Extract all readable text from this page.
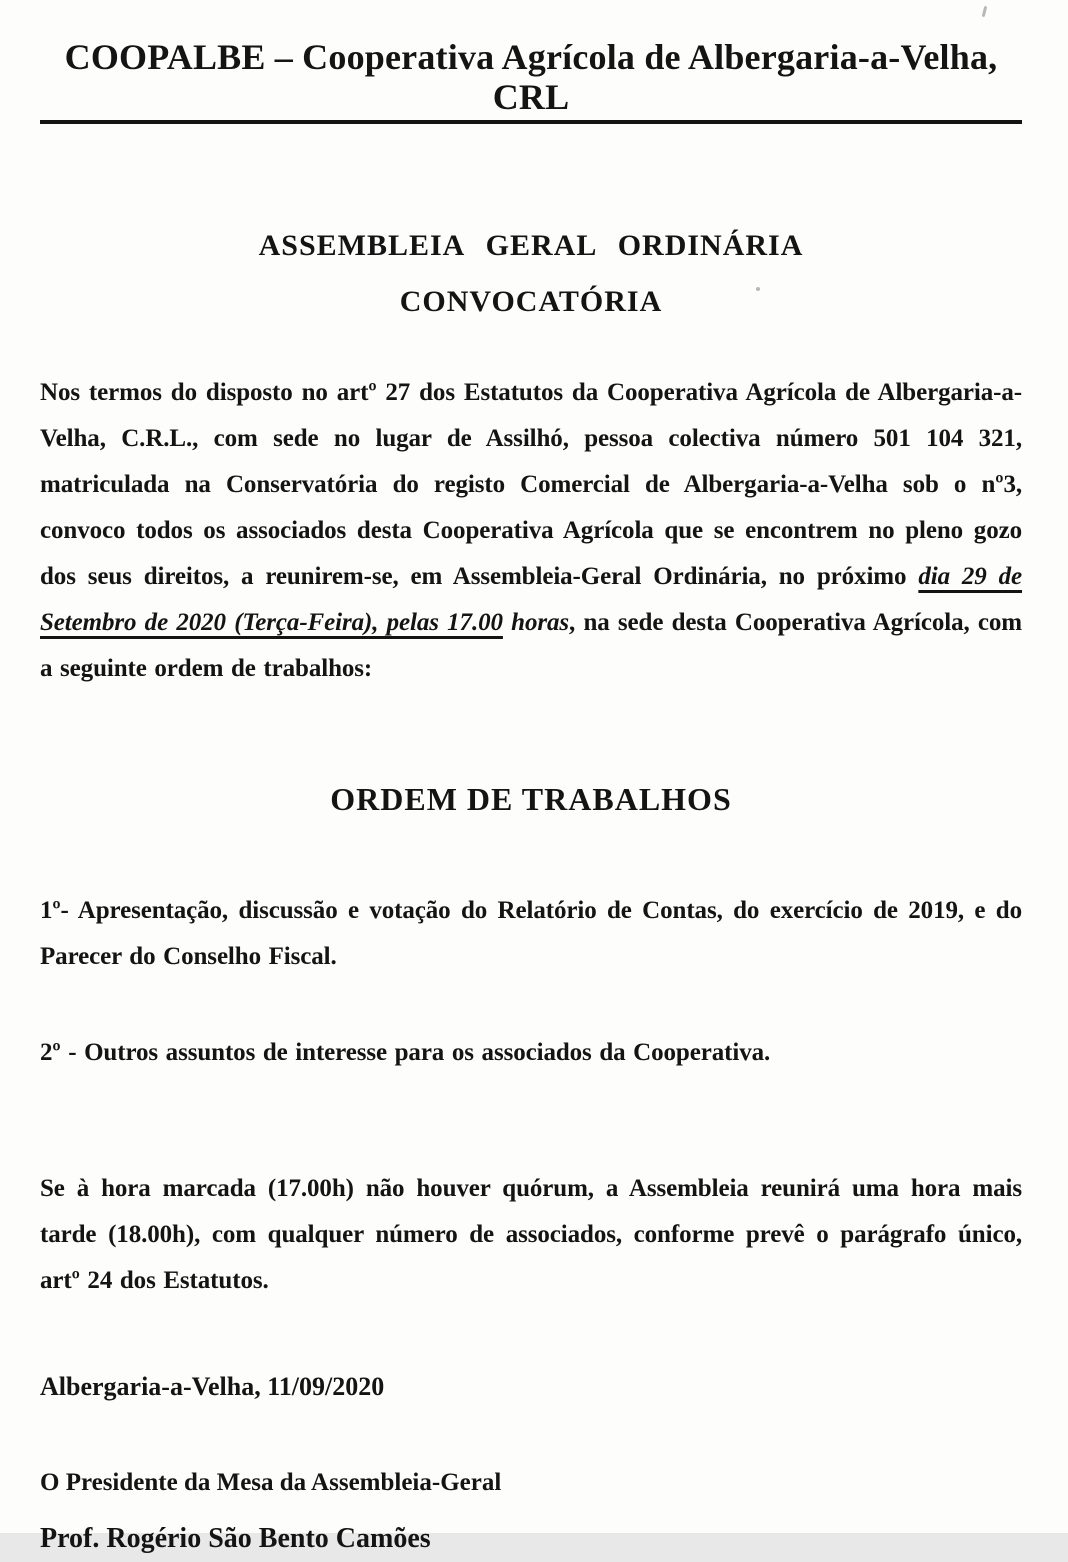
COOPALBE – Cooperativa Agrícola de Albergaria-a-Velha, CRL
ASSEMBLEIA GERAL ORDINÁRIA
CONVOCATÓRIA

Nos termos do disposto no artº 27 dos Estatutos da Cooperativa Agrícola de Albergaria-a-Velha, C.R.L., com sede no lugar de Assilhó, pessoa colectiva número 501 104 321, matriculada na Conservatória do registo Comercial de Albergaria-a-Velha sob o nº3, convoco todos os associados desta Cooperativa Agrícola que se encontrem no pleno gozo dos seus direitos, a reunirem-se, em Assembleia-Geral Ordinária, no próximo dia 29 de Setembro de 2020 (Terça-Feira), pelas 17.00 horas, na sede desta Cooperativa Agrícola, com a seguinte ordem de trabalhos:

ORDEM DE TRABALHOS

1º- Apresentação, discussão e votação do Relatório de Contas, do exercício de 2019, e do Parecer do Conselho Fiscal.

2º - Outros assuntos de interesse para os associados da Cooperativa.

Se à hora marcada (17.00h) não houver quórum, a Assembleia reunirá uma hora mais tarde (18.00h), com qualquer número de associados, conforme prevê o parágrafo único, artº 24 dos Estatutos.

Albergaria-a-Velha, 11/09/2020

O Presidente da Mesa da Assembleia-Geral

Prof. Rogério São Bento Camões
